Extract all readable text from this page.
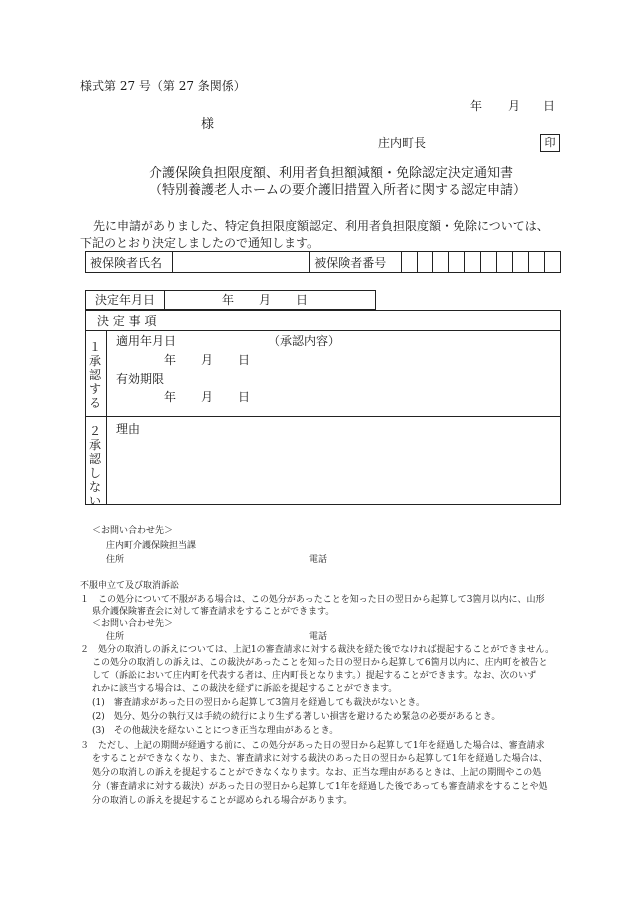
様式第 27 号（第 27 条関係）
年 月 日
様
庄内町長	印
介護保険負担限度額、利用者負担額減額・免除認定決定通知書
（特別養護老人ホームの要介護旧措置入所者に関する認定申請）
先に申請がありました、特定負担限度額認定、利用者負担限度額・免除については、
下記のとおり決定しましたので通知します。
被保険者氏名		被保険者番号										
決定年月日	年 月 日
決 定 事 項
１承認する
適用年月日	（承認内容）
年 月 日
有効期限
年 月 日
２承認しない
理由
＜お問い合わせ先＞
庄内町介護保険担当課
住所	電話
不服申立て及び取消訴訟
１　この処分について不服がある場合は、この処分があったことを知った日の翌日から起算して3箇月以内に、山形
県介護保険審査会に対して審査請求をすることができます。
＜お問い合わせ先＞
住所	電話
２　処分の取消しの訴えについては、上記1の審査請求に対する裁決を経た後でなければ提起することができません。
この処分の取消しの訴えは、この裁決があったことを知った日の翌日から起算して6箇月以内に、庄内町を被告と
して（訴訟において庄内町を代表する者は、庄内町長となります。）提起することができます。なお、次のいず
れかに該当する場合は、この裁決を経ずに訴訟を提起することができます。
(1)　審査請求があった日の翌日から起算して3箇月を経過しても裁決がないとき。
(2)　処分、処分の執行又は手続の続行により生ずる著しい損害を避けるため緊急の必要があるとき。
(3)　その他裁決を経ないことにつき正当な理由があるとき。
３　ただし、上記の期間が経過する前に、この処分があった日の翌日から起算して1年を経過した場合は、審査請求
をすることができなくなり、また、審査請求に対する裁決のあった日の翌日から起算して1年を経過した場合は、
処分の取消しの訴えを提起することができなくなります。なお、正当な理由があるときは、上記の期間やこの処
分（審査請求に対する裁決）があった日の翌日から起算して1年を経過した後であっても審査請求をすることや処
分の取消しの訴えを提起することが認められる場合があります。
